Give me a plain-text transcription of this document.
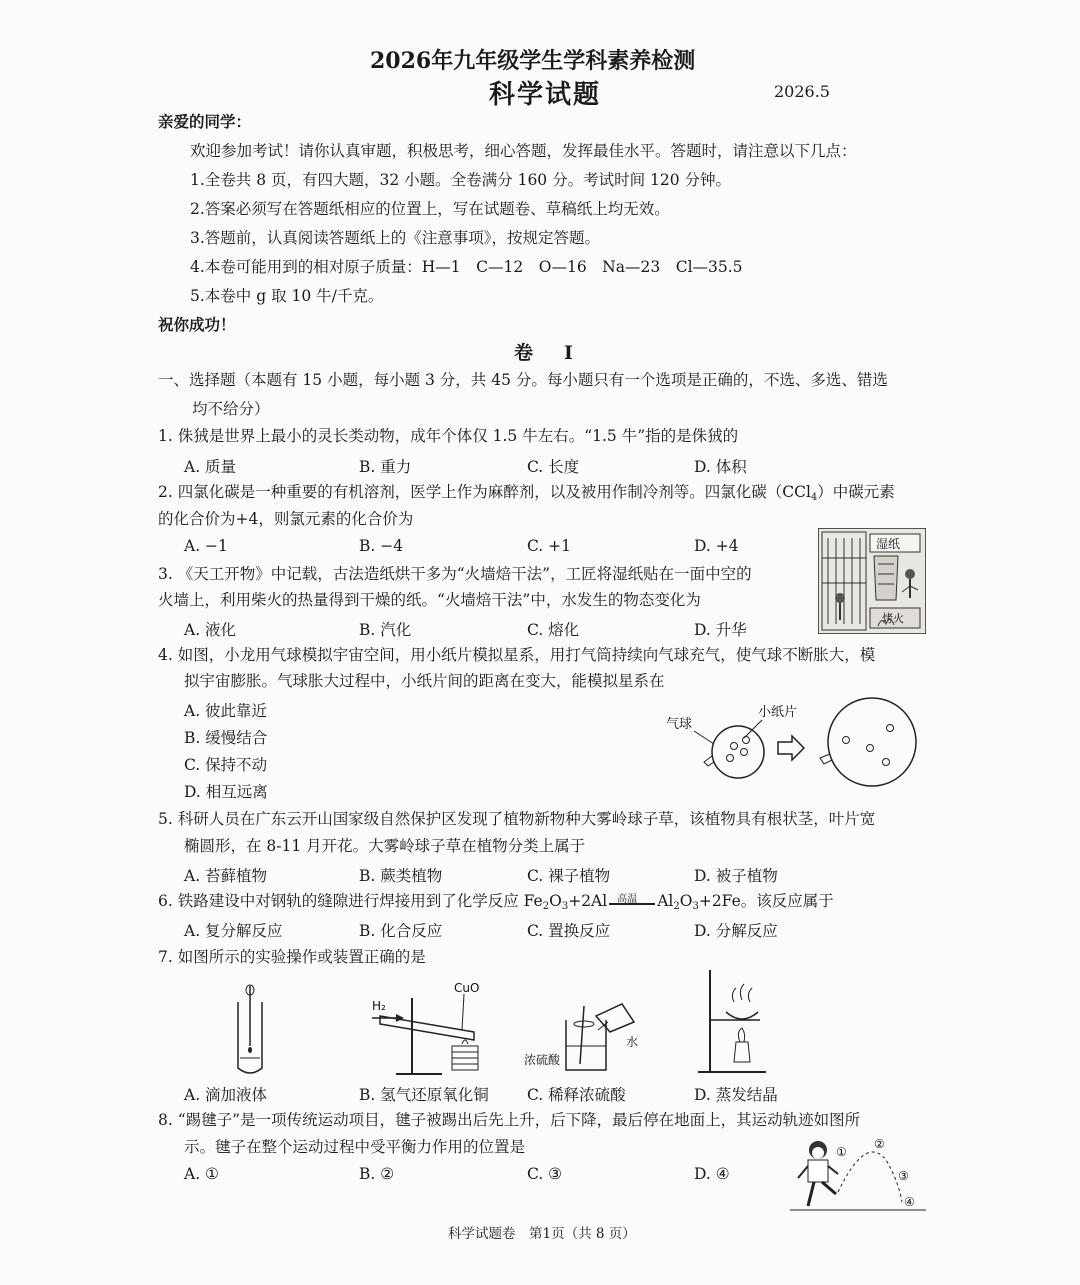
2026年九年级学生学科素养检测
科学试题	2026.5
亲爱的同学：
欢迎参加考试！请你认真审题，积极思考，细心答题，发挥最佳水平。答题时，请注意以下几点：
1.全卷共 8 页，有四大题，32 小题。全卷满分 160 分。考试时间 120 分钟。
2.答案必须写在答题纸相应的位置上，写在试题卷、草稿纸上均无效。
3.答题前，认真阅读答题纸上的《注意事项》，按规定答题。
4.本卷可能用到的相对原子质量：H—1　C—12　O—16　Na—23　Cl—35.5
5.本卷中 g 取 10 牛/千克。
祝你成功！
卷　I
一、选择题（本题有 15 小题，每小题 3 分，共 45 分。每小题只有一个选项是正确的，不选、多选、错选
均不给分）
1. 侏狨是世界上最小的灵长类动物，成年个体仅 1.5 牛左右。“1.5 牛”指的是侏狨的
A. 质量	B. 重力	C. 长度	D. 体积
2. 四氯化碳是一种重要的有机溶剂，医学上作为麻醉剂，以及被用作制冷剂等。四氯化碳（CCl$_4$）中碳元素
的化合价为+4，则氯元素的化合价为
A. −1	B. −4	C. +1	D. +4
3. 《天工开物》中记载，古法造纸烘干多为“火墙焙干法”，工匠将湿纸贴在一面中空的
火墙上，利用柴火的热量得到干燥的纸。“火墙焙干法”中，水发生的物态变化为
A. 液化	B. 汽化	C. 熔化	D. 升华
湿纸
烤火
4. 如图，小龙用气球模拟宇宙空间，用小纸片模拟星系，用打气筒持续向气球充气，使气球不断胀大，模
拟宇宙膨胀。气球胀大过程中，小纸片间的距离在变大，能模拟星系在
A. 彼此靠近
B. 缓慢结合
C. 保持不动
D. 相互远离
气球
小纸片
5. 科研人员在广东云开山国家级自然保护区发现了植物新物种大雾岭球子草，该植物具有根状茎，叶片宽
椭圆形，在 8-11 月开花。大雾岭球子草在植物分类上属于
A. 苔藓植物	B. 蕨类植物	C. 裸子植物	D. 被子植物
6. 铁路建设中对钢轨的缝隙进行焊接用到了化学反应 $Fe_2O_3+2Al$ 高温 $Al_2O_3+2Fe$。该反应属于
A. 复分解反应	B. 化合反应	C. 置换反应	D. 分解反应
7. 如图所示的实验操作或装置正确的是
H₂
CuO
浓硫酸
水
A. 滴加液体	B. 氢气还原氧化铜 C. 稀释浓硫酸	D. 蒸发结晶
8. “踢毽子”是一项传统运动项目，毽子被踢出后先上升，后下降，最后停在地面上，其运动轨迹如图所
示。毽子在整个运动过程中受平衡力作用的位置是
A. ①	B. ②	C. ③	D. ④
①
②
③
④
科学试题卷　第1页（共 8 页）
